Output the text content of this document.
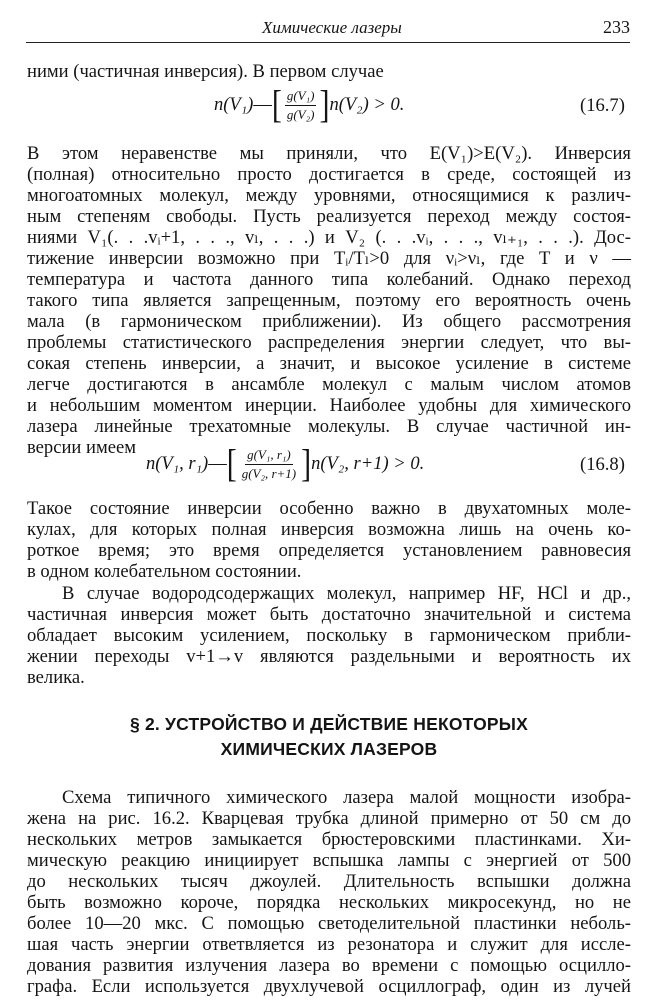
Химические лазеры	233

ними (частичная инверсия). В первом случае

n(V₁) — [ $\frac{\text{g(V₁)}}{\text{g(V₂)}}$ ] n(V₂) > 0.	(16.7)

В этом неравенстве мы приняли, что E(V₁)>E(V₂). Инверсия

(полная) относительно просто достигается в среде, состоящей из

многоатомных молекул, между уровнями, относящимися к различ-

ным степеням свободы. Пусть реализуется переход между состоя-

ниями V₁(. . .vᵢ+1, . . ., vₗ, . . .) и V₂ (. . .vᵢ, . . ., vₗ₊₁, . . .). Дос-

тижение инверсии возможно при Tᵢ/Tₗ>0 для νᵢ>νₗ, где T и ν —

температура и частота данного типа колебаний. Однако переход

такого типа является запрещенным, поэтому его вероятность очень

мала (в гармоническом приближении). Из общего рассмотрения

проблемы статистического распределения энергии следует, что вы-

сокая степень инверсии, а значит, и высокое усиление в системе

легче достигаются в ансамбле молекул с малым числом атомов

и небольшим моментом инерции. Наиболее удобны для химического

лазера линейные трехатомные молекулы. В случае частичной ин-

версии имеем

n(V₁, r₁) — [ $\frac{\text{g(V₁, r₁)}}{\text{g(V₂, r+1)}}$ ] n(V₂, r+1) > 0.	(16.8)

Такое состояние инверсии особенно важно в двухатомных моле-

кулах, для которых полная инверсия возможна лишь на очень ко-

роткое время; это время определяется установлением равновесия

в одном колебательном состоянии.

В случае водородсодержащих молекул, например HF, HCl и др.,

частичная инверсия может быть достаточно значительной и система

обладает высоким усилением, поскольку в гармоническом прибли-

жении переходы v+1→v являются раздельными и вероятность их

велика.

§ 2. УСТРОЙСТВО И ДЕЙСТВИЕ НЕКОТОРЫХ

ХИМИЧЕСКИХ ЛАЗЕРОВ

Схема типичного химического лазера малой мощности изобра-

жена на рис. 16.2. Кварцевая трубка длиной примерно от 50 см до

нескольких метров замыкается брюстеровскими пластинками. Хи-

мическую реакцию инициирует вспышка лампы с энергией от 500

до нескольких тысяч джоулей. Длительность вспышки должна

быть возможно короче, порядка нескольких микросекунд, но не

более 10—20 мкс. С помощью светоделительной пластинки неболь-

шая часть энергии ответвляется из резонатора и служит для иссле-

дования развития излучения лазера во времени с помощью осцилло-

графа. Если используется двухлучевой осциллограф, один из лучей
